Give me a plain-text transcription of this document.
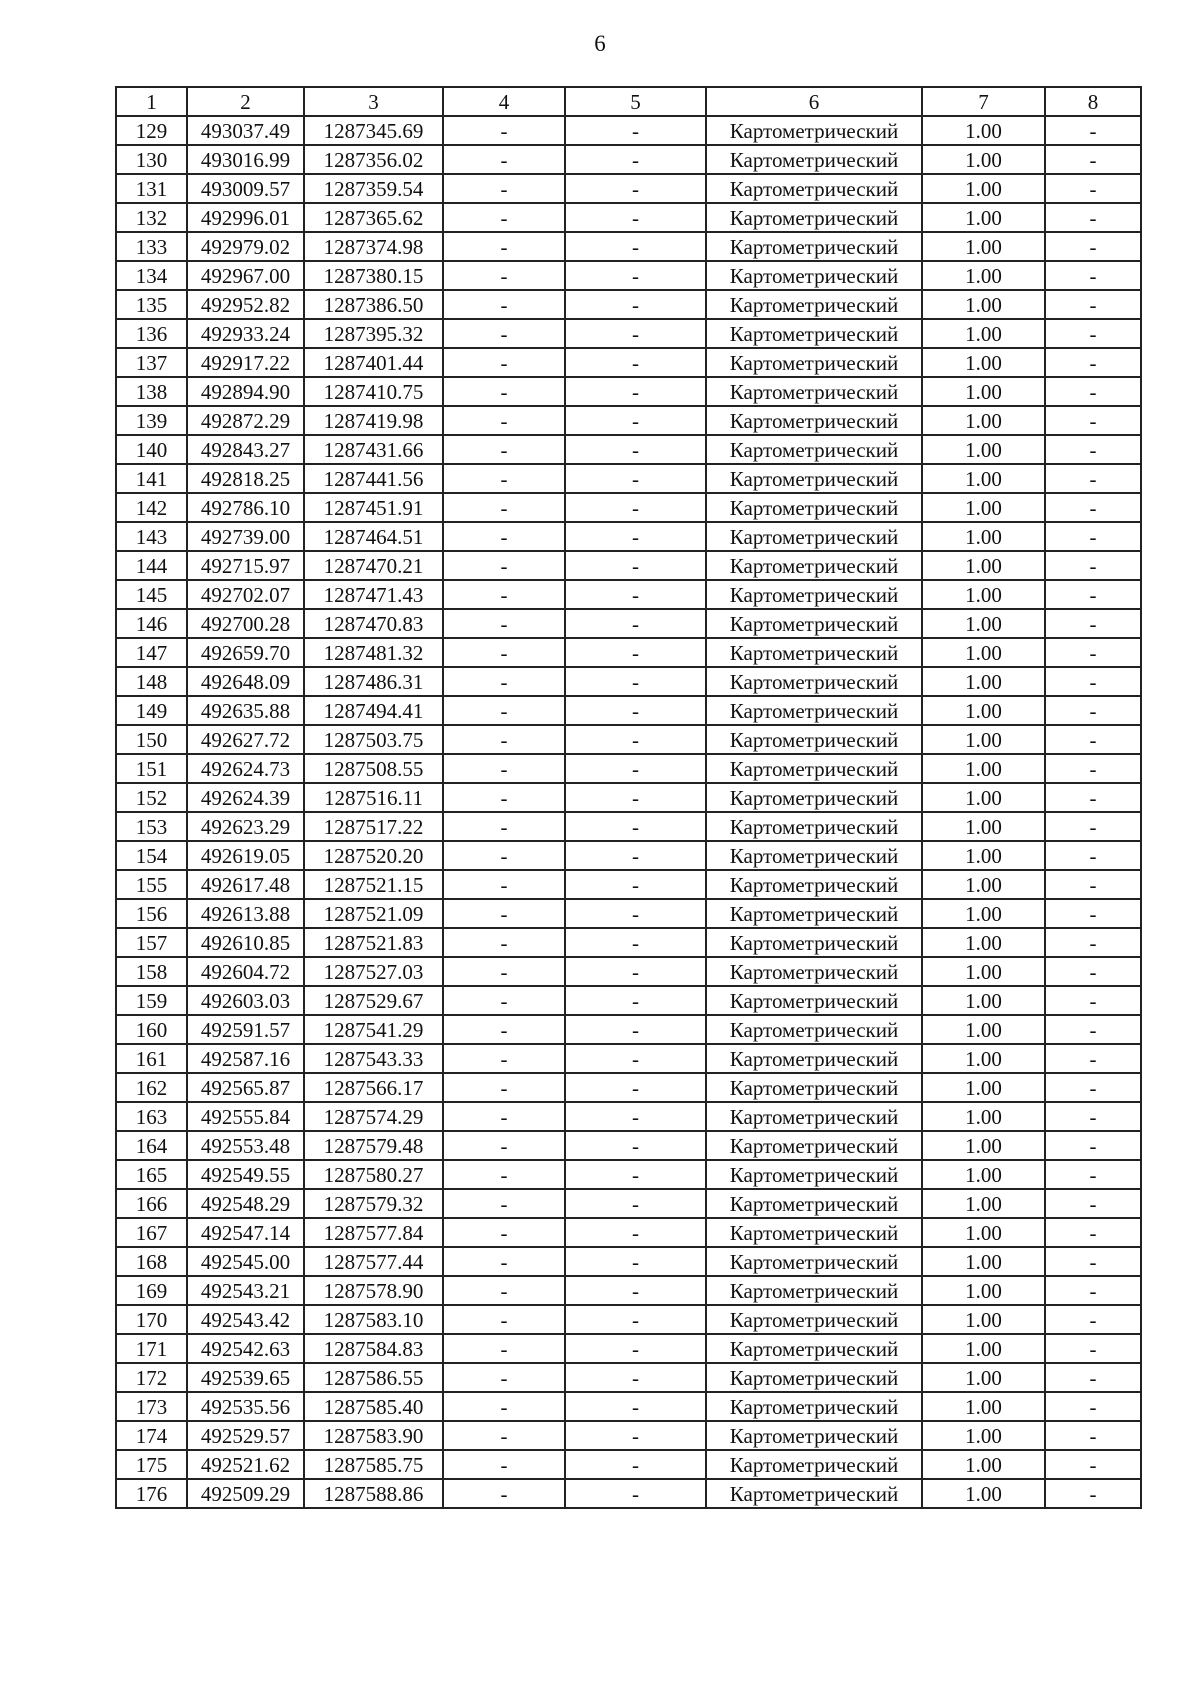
6
1	2	3	4	5	6	7	8
129	493037.49	1287345.69	-	-	Картометрический	1.00	-
130	493016.99	1287356.02	-	-	Картометрический	1.00	-
131	493009.57	1287359.54	-	-	Картометрический	1.00	-
132	492996.01	1287365.62	-	-	Картометрический	1.00	-
133	492979.02	1287374.98	-	-	Картометрический	1.00	-
134	492967.00	1287380.15	-	-	Картометрический	1.00	-
135	492952.82	1287386.50	-	-	Картометрический	1.00	-
136	492933.24	1287395.32	-	-	Картометрический	1.00	-
137	492917.22	1287401.44	-	-	Картометрический	1.00	-
138	492894.90	1287410.75	-	-	Картометрический	1.00	-
139	492872.29	1287419.98	-	-	Картометрический	1.00	-
140	492843.27	1287431.66	-	-	Картометрический	1.00	-
141	492818.25	1287441.56	-	-	Картометрический	1.00	-
142	492786.10	1287451.91	-	-	Картометрический	1.00	-
143	492739.00	1287464.51	-	-	Картометрический	1.00	-
144	492715.97	1287470.21	-	-	Картометрический	1.00	-
145	492702.07	1287471.43	-	-	Картометрический	1.00	-
146	492700.28	1287470.83	-	-	Картометрический	1.00	-
147	492659.70	1287481.32	-	-	Картометрический	1.00	-
148	492648.09	1287486.31	-	-	Картометрический	1.00	-
149	492635.88	1287494.41	-	-	Картометрический	1.00	-
150	492627.72	1287503.75	-	-	Картометрический	1.00	-
151	492624.73	1287508.55	-	-	Картометрический	1.00	-
152	492624.39	1287516.11	-	-	Картометрический	1.00	-
153	492623.29	1287517.22	-	-	Картометрический	1.00	-
154	492619.05	1287520.20	-	-	Картометрический	1.00	-
155	492617.48	1287521.15	-	-	Картометрический	1.00	-
156	492613.88	1287521.09	-	-	Картометрический	1.00	-
157	492610.85	1287521.83	-	-	Картометрический	1.00	-
158	492604.72	1287527.03	-	-	Картометрический	1.00	-
159	492603.03	1287529.67	-	-	Картометрический	1.00	-
160	492591.57	1287541.29	-	-	Картометрический	1.00	-
161	492587.16	1287543.33	-	-	Картометрический	1.00	-
162	492565.87	1287566.17	-	-	Картометрический	1.00	-
163	492555.84	1287574.29	-	-	Картометрический	1.00	-
164	492553.48	1287579.48	-	-	Картометрический	1.00	-
165	492549.55	1287580.27	-	-	Картометрический	1.00	-
166	492548.29	1287579.32	-	-	Картометрический	1.00	-
167	492547.14	1287577.84	-	-	Картометрический	1.00	-
168	492545.00	1287577.44	-	-	Картометрический	1.00	-
169	492543.21	1287578.90	-	-	Картометрический	1.00	-
170	492543.42	1287583.10	-	-	Картометрический	1.00	-
171	492542.63	1287584.83	-	-	Картометрический	1.00	-
172	492539.65	1287586.55	-	-	Картометрический	1.00	-
173	492535.56	1287585.40	-	-	Картометрический	1.00	-
174	492529.57	1287583.90	-	-	Картометрический	1.00	-
175	492521.62	1287585.75	-	-	Картометрический	1.00	-
176	492509.29	1287588.86	-	-	Картометрический	1.00	-
